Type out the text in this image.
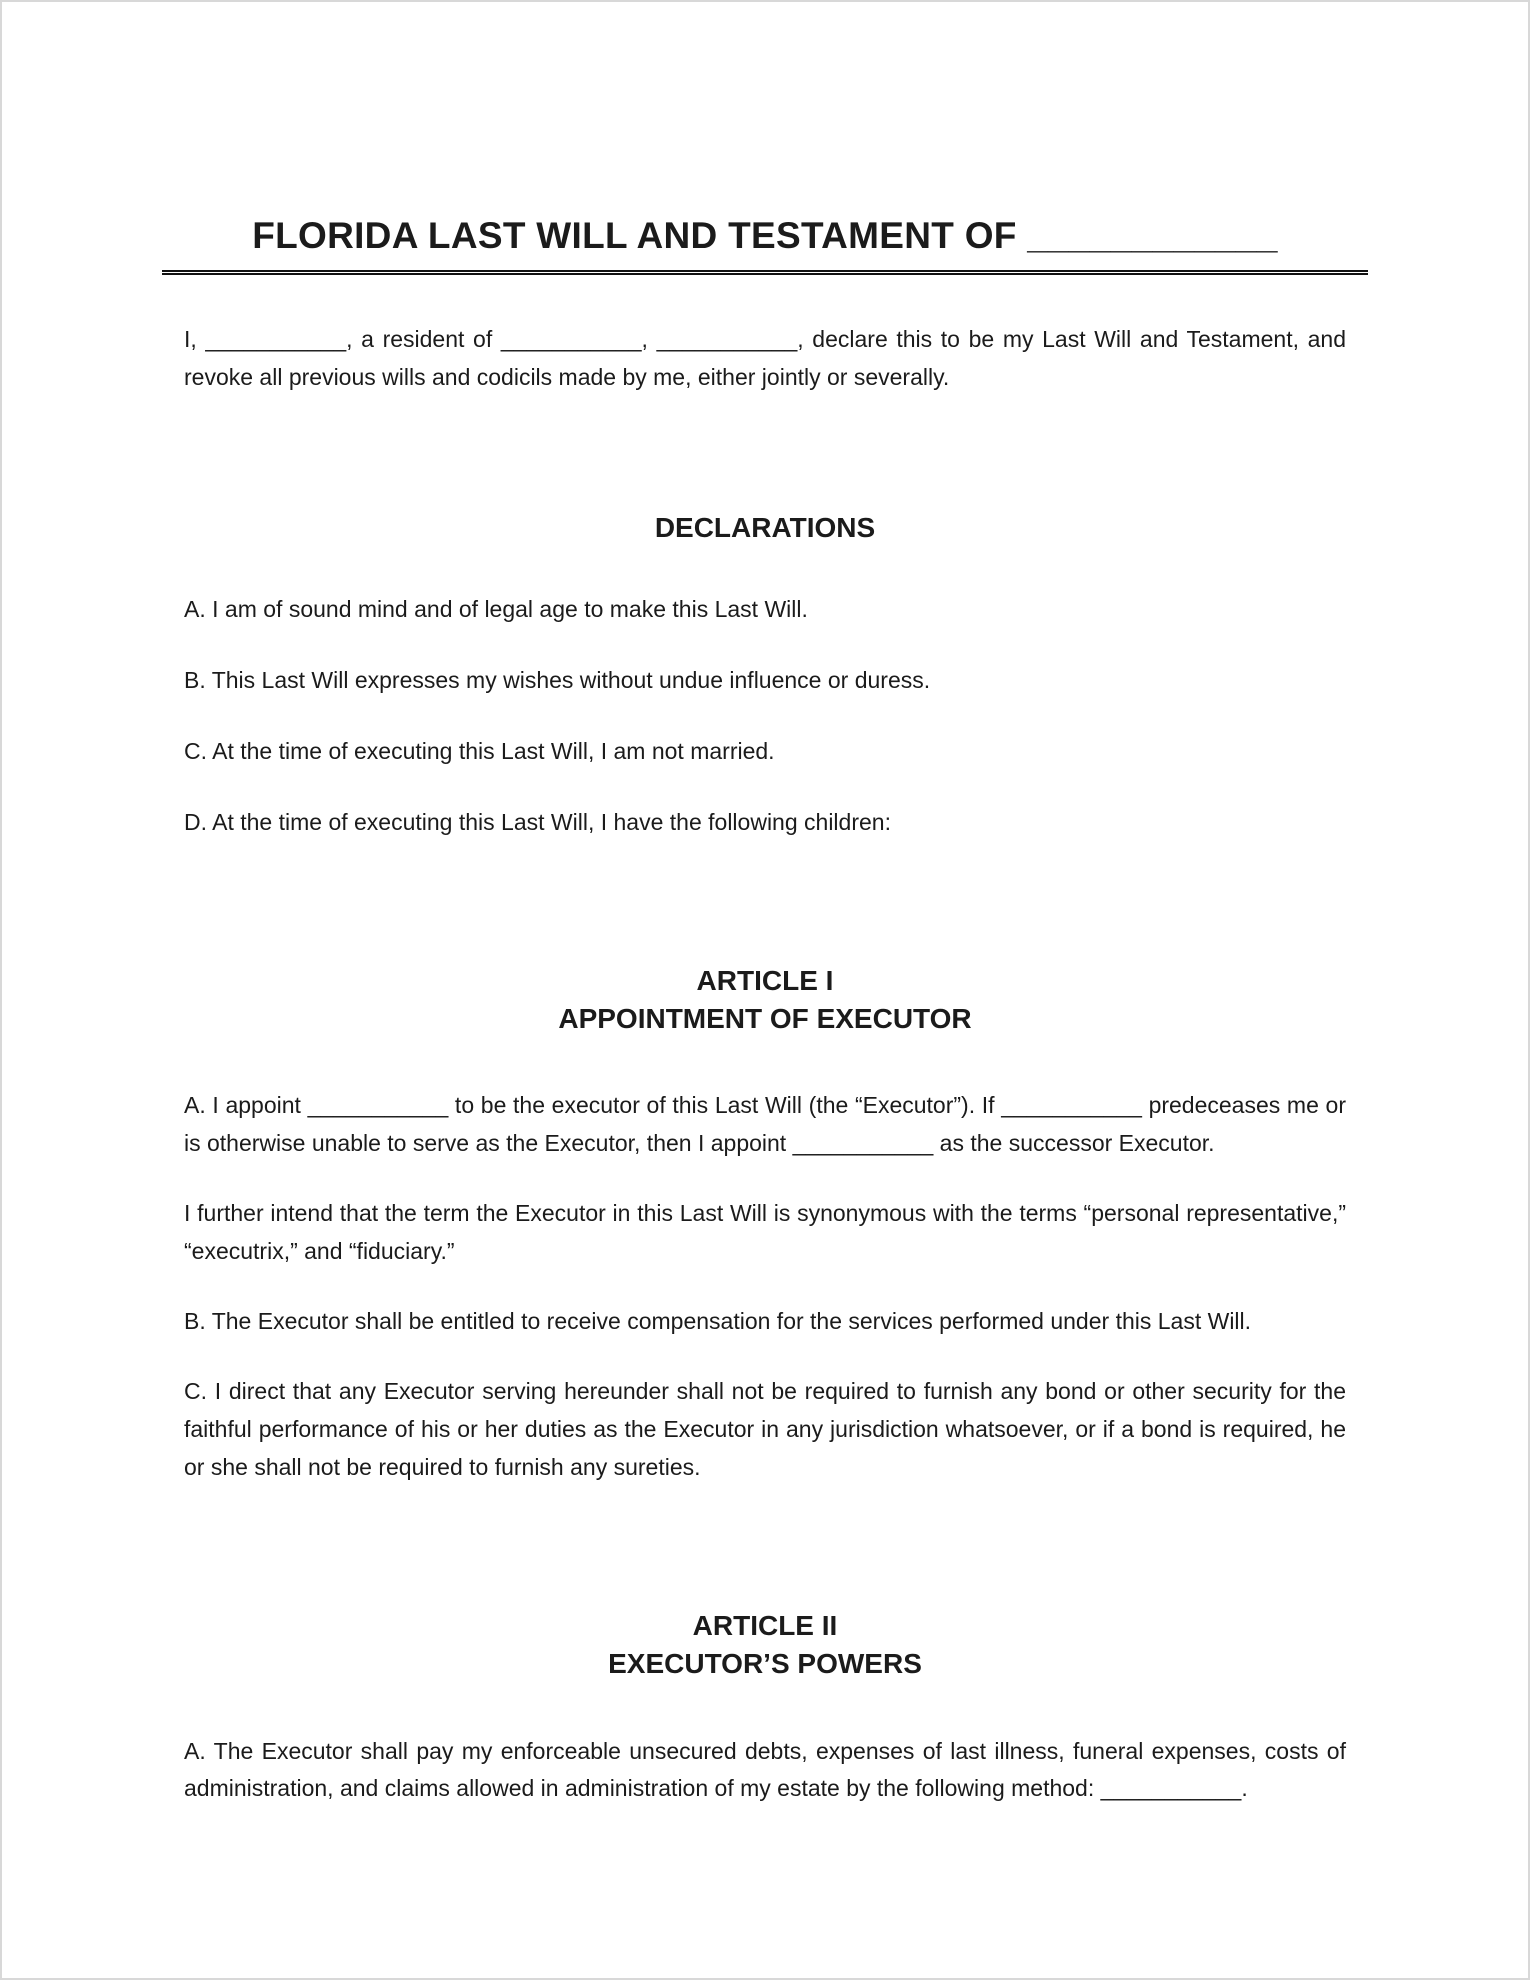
FLORIDA LAST WILL AND TESTAMENT OF ____________

I, ___________, a resident of ___________, ___________, declare this to be my Last Will and Testament, and revoke all previous wills and codicils made by me, either jointly or severally.

DECLARATIONS

A. I am of sound mind and of legal age to make this Last Will.

B. This Last Will expresses my wishes without undue influence or duress.

C. At the time of executing this Last Will, I am not married.

D. At the time of executing this Last Will, I have the following children:

ARTICLE I
APPOINTMENT OF EXECUTOR

A. I appoint ___________ to be the executor of this Last Will (the “Executor”). If ___________ predeceases me or is otherwise unable to serve as the Executor, then I appoint ___________ as the successor Executor.

I further intend that the term the Executor in this Last Will is synonymous with the terms “personal representative,” “executrix,” and “fiduciary.”

B. The Executor shall be entitled to receive compensation for the services performed under this Last Will.

C. I direct that any Executor serving hereunder shall not be required to furnish any bond or other security for the faithful performance of his or her duties as the Executor in any jurisdiction whatsoever, or if a bond is required, he or she shall not be required to furnish any sureties.

ARTICLE II
EXECUTOR’S POWERS

A. The Executor shall pay my enforceable unsecured debts, expenses of last illness, funeral expenses, costs of administration, and claims allowed in administration of my estate by the following method: ___________.
